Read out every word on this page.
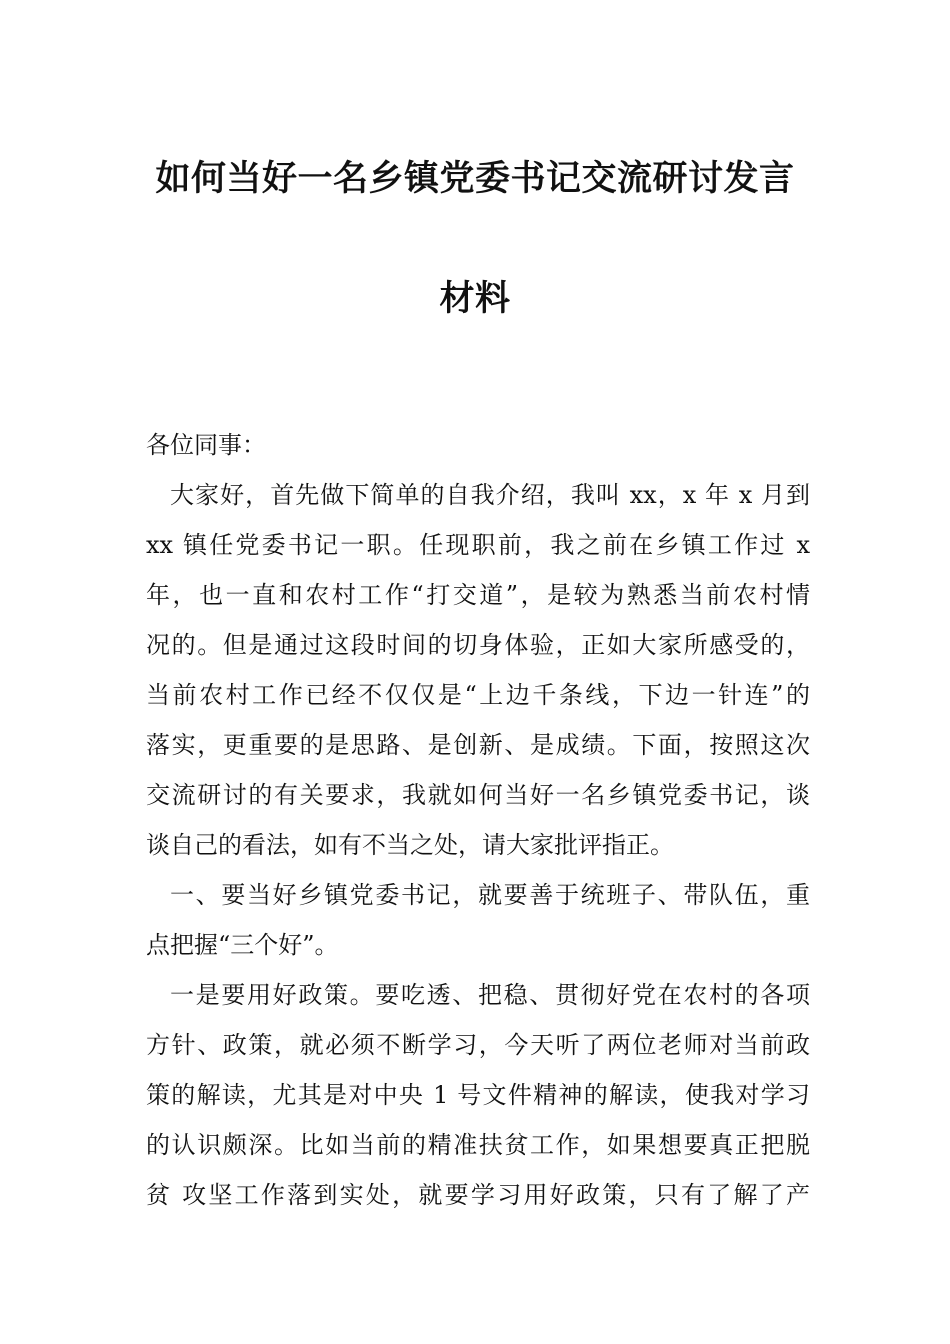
如何当好一名乡镇党委书记交流研讨发言
材料
各位同事：
大家好，首先做下简单的自我介绍，我叫 xx，x 年 x 月到
xx 镇任党委书记一职。任现职前，我之前在乡镇工作过 x
年，也一直和农村工作“打交道”，是较为熟悉当前农村情
况的。但是通过这段时间的切身体验，正如大家所感受的，
当前农村工作已经不仅仅是“上边千条线，下边一针连”的
落实，更重要的是思路、是创新、是成绩。下面，按照这次
交流研讨的有关要求，我就如何当好一名乡镇党委书记，谈
谈自己的看法，如有不当之处，请大家批评指正。
一、要当好乡镇党委书记，就要善于统班子、带队伍，重
点把握“三个好”。
一是要用好政策。要吃透、把稳、贯彻好党在农村的各项
方针、政策，就必须不断学习，今天听了两位老师对当前政
策的解读，尤其是对中央 1 号文件精神的解读，使我对学习
的认识颇深。比如当前的精准扶贫工作，如果想要真正把脱
贫 攻坚工作落到实处，就要学习用好政策，只有了解了产
